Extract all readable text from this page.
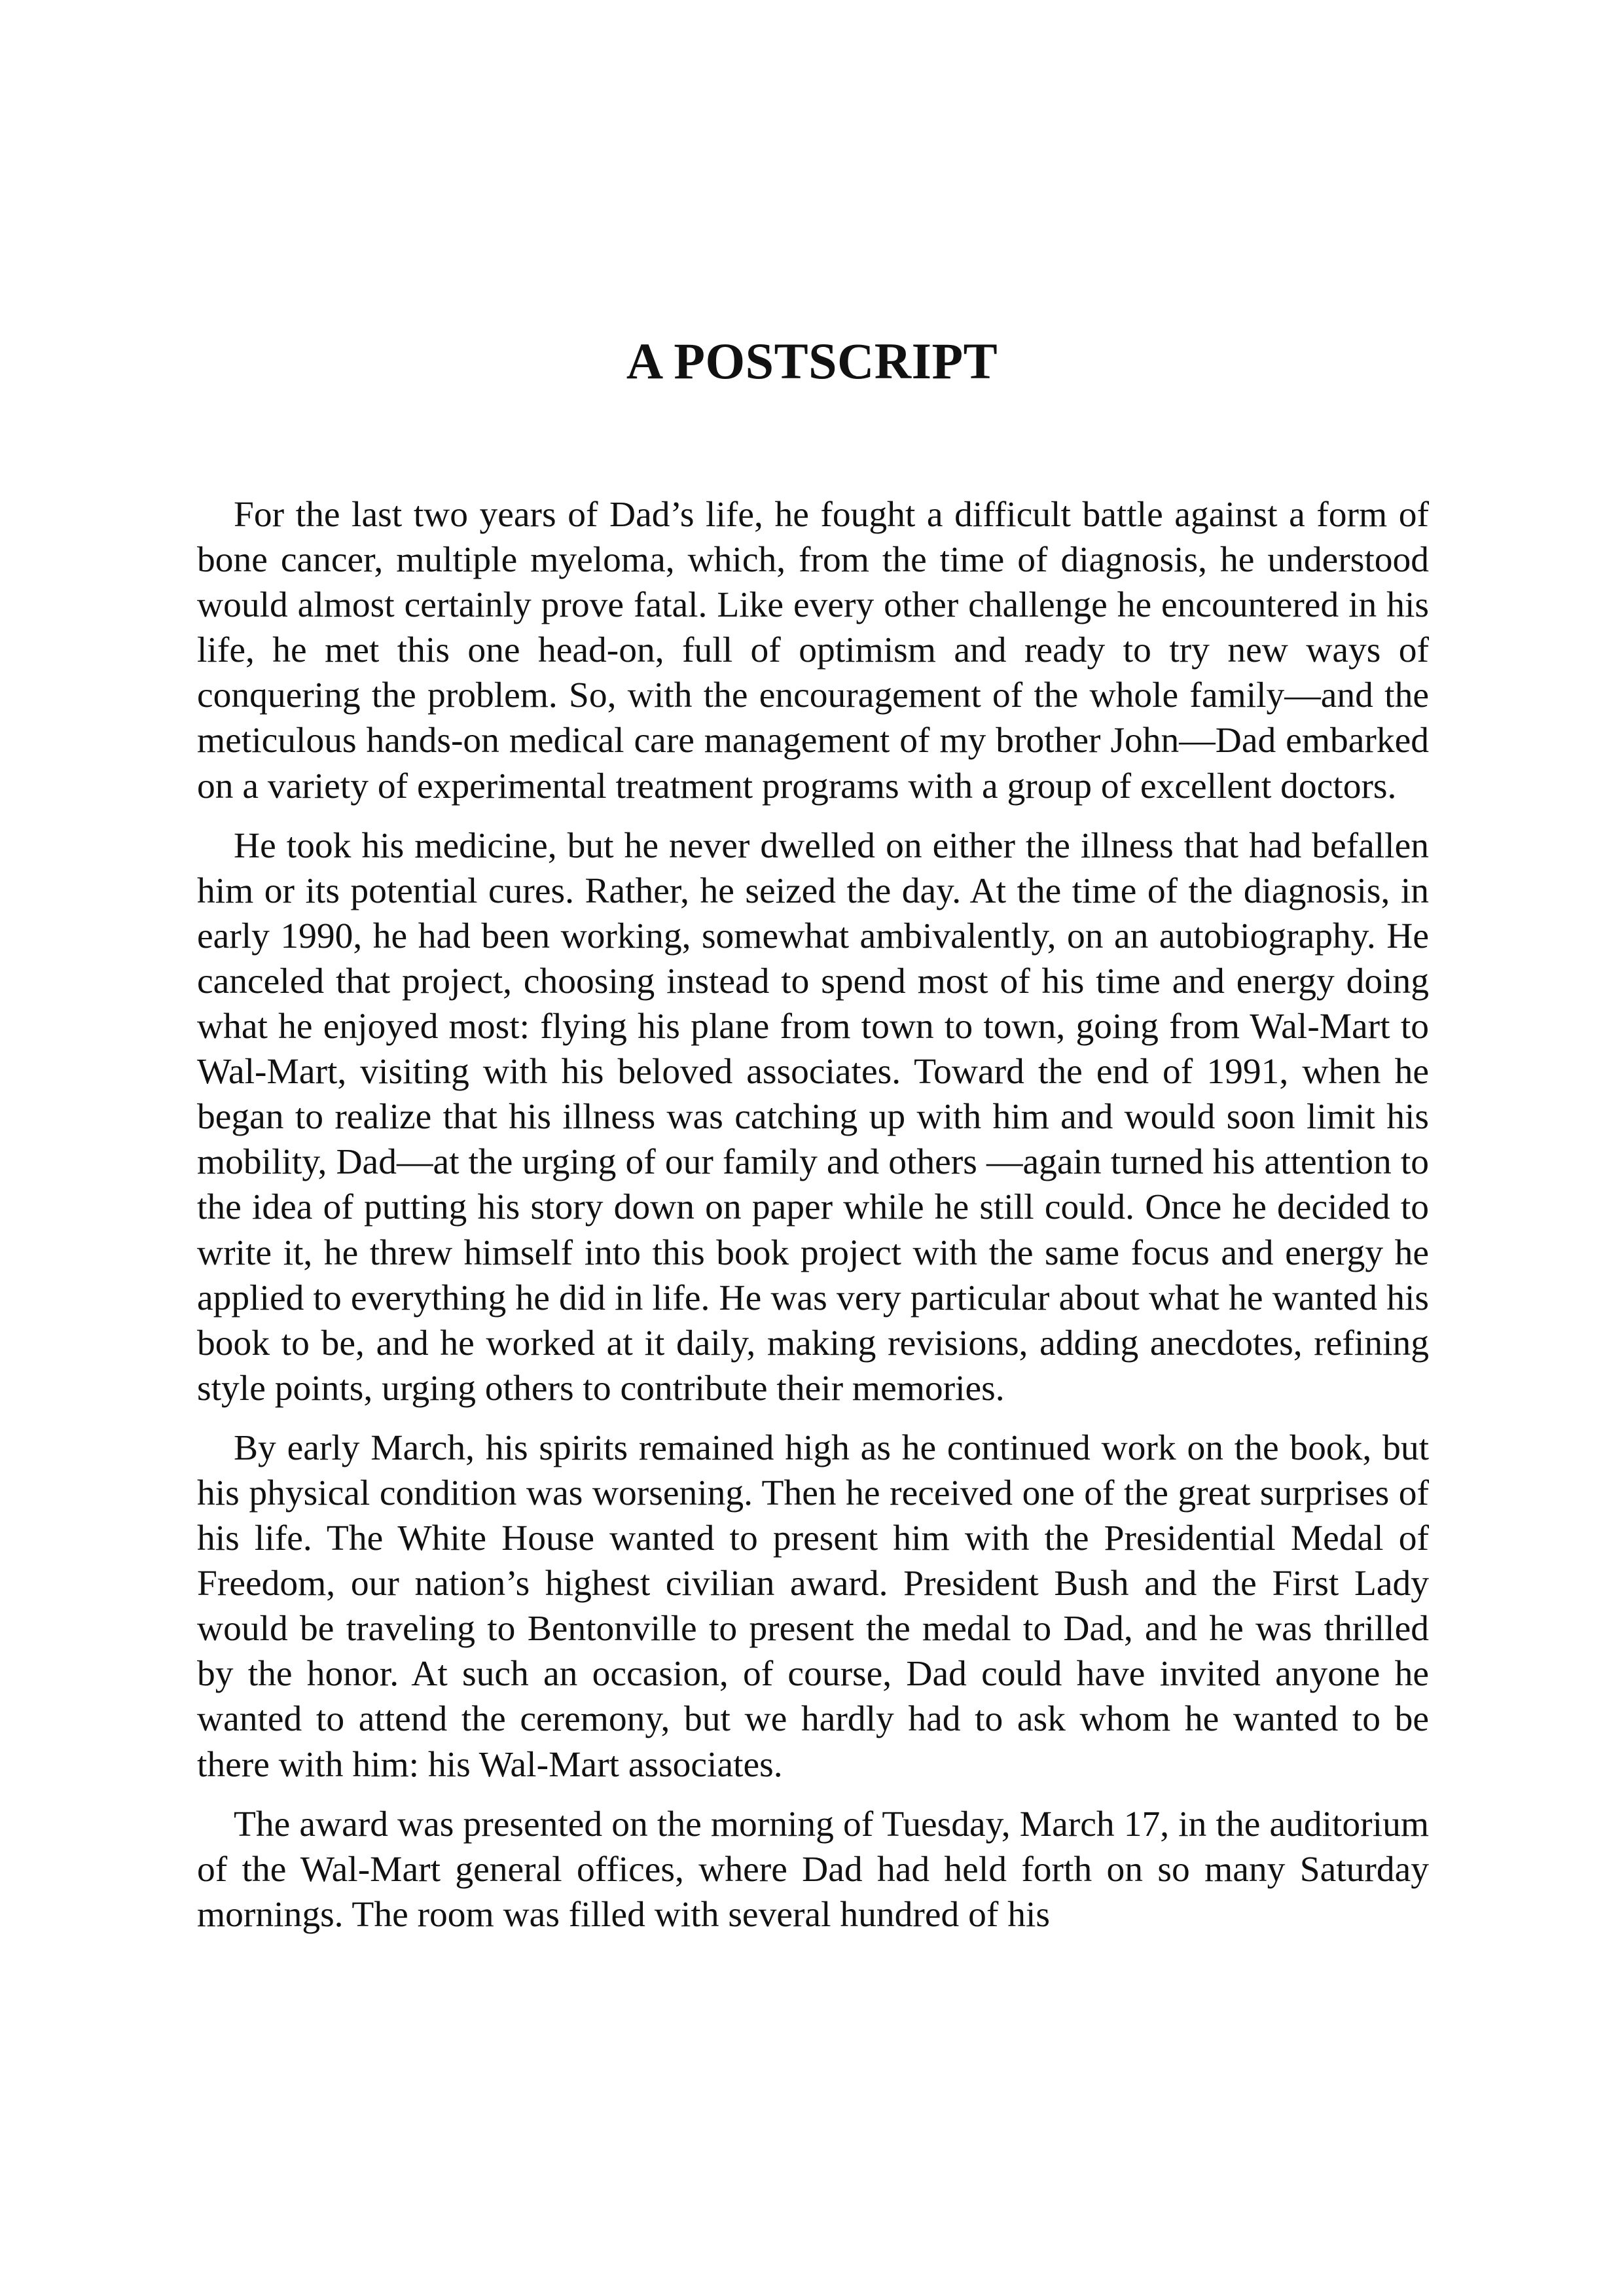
A POSTSCRIPT

For the last two years of Dad’s life, he fought a difficult battle against a form of bone cancer, multiple myeloma, which, from the time of diagnosis, he understood would almost certainly prove fatal. Like every other challenge he encountered in his life, he met this one head-on, full of optimism and ready to try new ways of conquering the problem. So, with the encouragement of the whole family—and the meticulous hands-on medical care management of my brother John—Dad embarked on a variety of experimental treatment programs with a group of excellent doctors.

He took his medicine, but he never dwelled on either the illness that had befallen him or its potential cures. Rather, he seized the day. At the time of the diagnosis, in early 1990, he had been working, somewhat ambivalently, on an autobiography. He canceled that project, choosing instead to spend most of his time and energy doing what he enjoyed most: flying his plane from town to town, going from Wal-Mart to Wal-Mart, visiting with his beloved associates. Toward the end of 1991, when he began to realize that his illness was catching up with him and would soon limit his mobility, Dad—at the urging of our family and others —again turned his attention to the idea of putting his story down on paper while he still could. Once he decided to write it, he threw himself into this book project with the same focus and energy he applied to everything he did in life. He was very particular about what he wanted his book to be, and he worked at it daily, making revisions, adding anecdotes, refining style points, urging others to contribute their memories.

By early March, his spirits remained high as he continued work on the book, but his physical condition was worsening. Then he received one of the great surprises of his life. The White House wanted to present him with the Presidential Medal of Freedom, our nation’s highest civilian award. President Bush and the First Lady would be traveling to Bentonville to present the medal to Dad, and he was thrilled by the honor. At such an occasion, of course, Dad could have invited anyone he wanted to attend the ceremony, but we hardly had to ask whom he wanted to be there with him: his Wal-Mart associates.

The award was presented on the morning of Tuesday, March 17, in the auditorium of the Wal-Mart general offices, where Dad had held forth on so many Saturday mornings. The room was filled with several hundred of his
